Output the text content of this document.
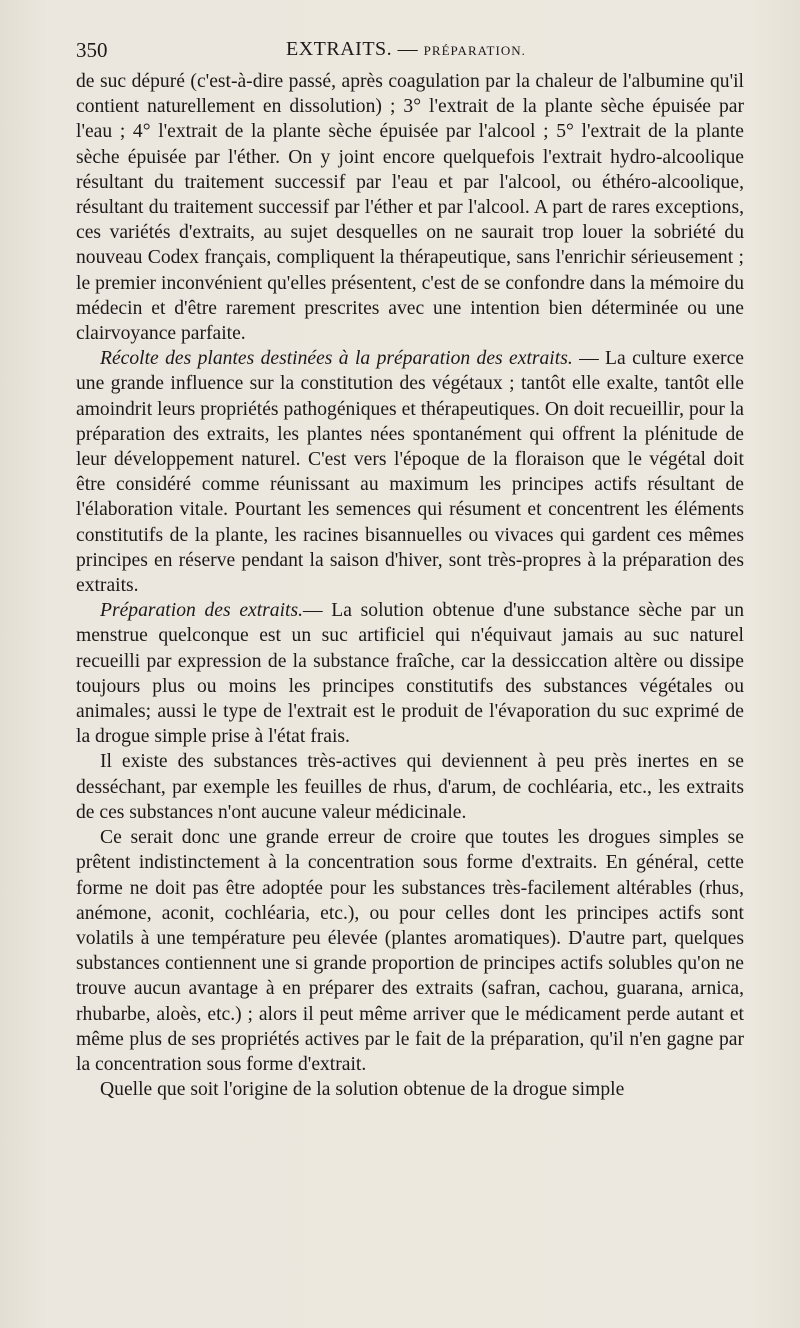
350	EXTRAITS. — PRÉPARATION.

de suc dépuré (c'est-à-dire passé, après coagulation par la chaleur de l'albumine qu'il contient naturellement en dissolution) ; 3° l'extrait de la plante sèche épuisée par l'eau ; 4° l'extrait de la plante sèche épuisée par l'alcool ; 5° l'extrait de la plante sèche épuisée par l'éther. On y joint encore quelquefois l'extrait hydro-alcoolique résultant du traitement successif par l'eau et par l'alcool, ou éthéro-alcoolique, résultant du traitement successif par l'éther et par l'alcool. A part de rares exceptions, ces variétés d'extraits, au sujet desquelles on ne saurait trop louer la sobriété du nouveau Codex français, compliquent la thérapeutique, sans l'enrichir sérieusement ; le premier inconvénient qu'elles présentent, c'est de se confondre dans la mémoire du médecin et d'être rarement prescrites avec une intention bien déterminée ou une clairvoyance parfaite.

Récolte des plantes destinées à la préparation des extraits. — La culture exerce une grande influence sur la constitution des végétaux ; tantôt elle exalte, tantôt elle amoindrit leurs propriétés pathogéniques et thérapeutiques. On doit recueillir, pour la préparation des extraits, les plantes nées spontanément qui offrent la plénitude de leur développement naturel. C'est vers l'époque de la floraison que le végétal doit être considéré comme réunissant au maximum les principes actifs résultant de l'élaboration vitale. Pourtant les semences qui résument et concentrent les éléments constitutifs de la plante, les racines bisannuelles ou vivaces qui gardent ces mêmes principes en réserve pendant la saison d'hiver, sont très-propres à la préparation des extraits.

Préparation des extraits.— La solution obtenue d'une substance sèche par un menstrue quelconque est un suc artificiel qui n'équivaut jamais au suc naturel recueilli par expression de la substance fraîche, car la dessiccation altère ou dissipe toujours plus ou moins les principes constitutifs des substances végétales ou animales; aussi le type de l'extrait est le produit de l'évaporation du suc exprimé de la drogue simple prise à l'état frais.

Il existe des substances très-actives qui deviennent à peu près inertes en se desséchant, par exemple les feuilles de rhus, d'arum, de cochléaria, etc., les extraits de ces substances n'ont aucune valeur médicinale.

Ce serait donc une grande erreur de croire que toutes les drogues simples se prêtent indistinctement à la concentration sous forme d'extraits. En général, cette forme ne doit pas être adoptée pour les substances très-facilement altérables (rhus, anémone, aconit, cochléaria, etc.), ou pour celles dont les principes actifs sont volatils à une température peu élevée (plantes aromatiques). D'autre part, quelques substances contiennent une si grande proportion de principes actifs solubles qu'on ne trouve aucun avantage à en préparer des extraits (safran, cachou, guarana, arnica, rhubarbe, aloès, etc.) ; alors il peut même arriver que le médicament perde autant et même plus de ses propriétés actives par le fait de la préparation, qu'il n'en gagne par la concentration sous forme d'extrait.

Quelle que soit l'origine de la solution obtenue de la drogue simple
